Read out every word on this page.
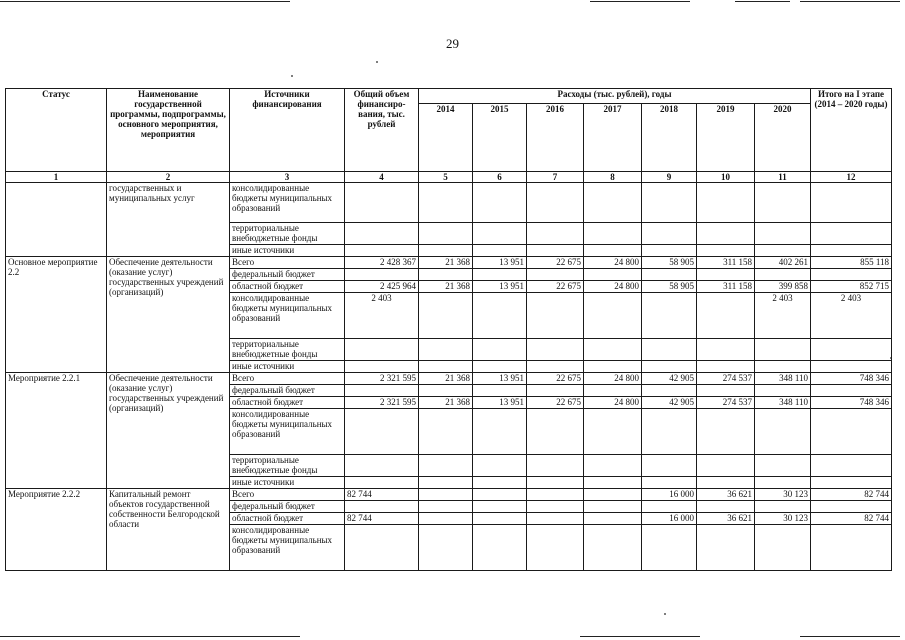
29
Статус	Наименование государственной программы, подпрограммы, основного мероприятия, мероприятия	Источники финансирования	Общий объем финансиро-вания, тыс. рублей	Расходы (тыс. рублей), годы							Итого на I этапе (2014 – 2020 годы)
				2014	2015	2016	2017	2018	2019	2020	
1	2	3	4	5	6	7	8	9	10	11	12
	государственных и муниципальных услуг	консолидированные бюджеты муниципальных образований									
		территориальные внебюджетные фонды									
		иные источники									
Основное мероприятие 2.2	Обеспечение деятельности (оказание услуг) государственных учреждений (организаций)	Всего	2 428 367	21 368	13 951	22 675	24 800	58 905	311 158	402 261	855 118
		федеральный бюджет									
		областной бюджет	2 425 964	21 368	13 951	22 675	24 800	58 905	311 158	399 858	852 715
		консолидированные бюджеты муниципальных образований	2 403							2 403	2 403
		территориальные внебюджетные фонды									
		иные источники									
Мероприятие 2.2.1	Обеспечение деятельности (оказание услуг) государственных учреждений (организаций)	Всего	2 321 595	21 368	13 951	22 675	24 800	42 905	274 537	348 110	748 346
		федеральный бюджет									
		областной бюджет	2 321 595	21 368	13 951	22 675	24 800	42 905	274 537	348 110	748 346
		консолидированные бюджеты муниципальных образований									
		территориальные внебюджетные фонды									
		иные источники									
Мероприятие 2.2.2	Капитальный ремонт объектов государственной собственности Белгородской области	Всего	82 744					16 000	36 621	30 123	82 744
		федеральный бюджет									
		областной бюджет	82 744					16 000	36 621	30 123	82 744
		консолидированные бюджеты муниципальных образований									
